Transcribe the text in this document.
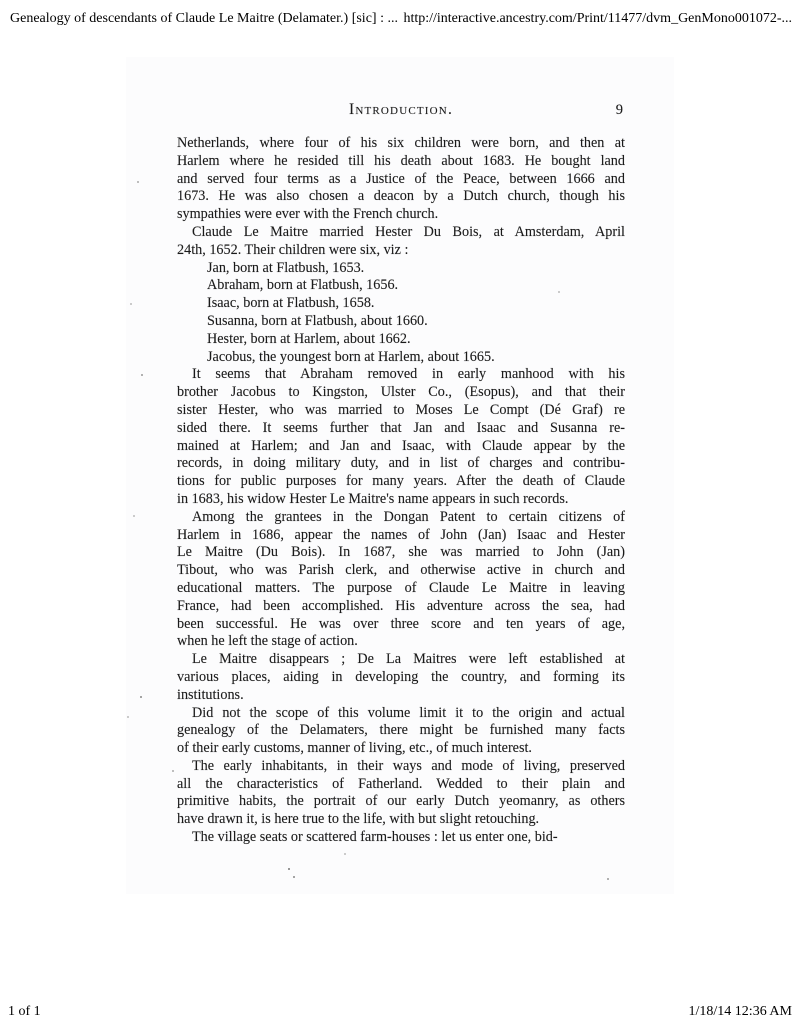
Genealogy of descendants of Claude Le Maitre (Delamater.) [sic] : ... http://interactive.ancestry.com/Print/11477/dvm_GenMono001072-...
Introduction.	9
Netherlands, where four of his six children were born, and then at
Harlem where he resided till his death about 1683. He bought land
and served four terms as a Justice of the Peace, between 1666 and
1673. He was also chosen a deacon by a Dutch church, though his
sympathies were ever with the French church.
Claude Le Maitre married Hester Du Bois, at Amsterdam, April
24th, 1652. Their children were six, viz :
Jan, born at Flatbush, 1653.
Abraham, born at Flatbush, 1656.
Isaac, born at Flatbush, 1658.
Susanna, born at Flatbush, about 1660.
Hester, born at Harlem, about 1662.
Jacobus, the youngest born at Harlem, about 1665.
It seems that Abraham removed in early manhood with his
brother Jacobus to Kingston, Ulster Co., (Esopus), and that their
sister Hester, who was married to Moses Le Compt (Dé Graf) re
sided there. It seems further that Jan and Isaac and Susanna re-
mained at Harlem; and Jan and Isaac, with Claude appear by the
records, in doing military duty, and in list of charges and contribu-
tions for public purposes for many years. After the death of Claude
in 1683, his widow Hester Le Maitre's name appears in such records.
Among the grantees in the Dongan Patent to certain citizens of
Harlem in 1686, appear the names of John (Jan) Isaac and Hester
Le Maitre (Du Bois). In 1687, she was married to John (Jan)
Tibout, who was Parish clerk, and otherwise active in church and
educational matters. The purpose of Claude Le Maitre in leaving
France, had been accomplished. His adventure across the sea, had
been successful. He was over three score and ten years of age,
when he left the stage of action.
Le Maitre disappears ; De La Maitres were left established at
various places, aiding in developing the country, and forming its
institutions.
Did not the scope of this volume limit it to the origin and actual
genealogy of the Delamaters, there might be furnished many facts
of their early customs, manner of living, etc., of much interest.
The early inhabitants, in their ways and mode of living, preserved
all the characteristics of Fatherland. Wedded to their plain and
primitive habits, the portrait of our early Dutch yeomanry, as others
have drawn it, is here true to the life, with but slight retouching.
The village seats or scattered farm-houses : let us enter one, bid-
1 of 1	1/18/14 12:36 AM
